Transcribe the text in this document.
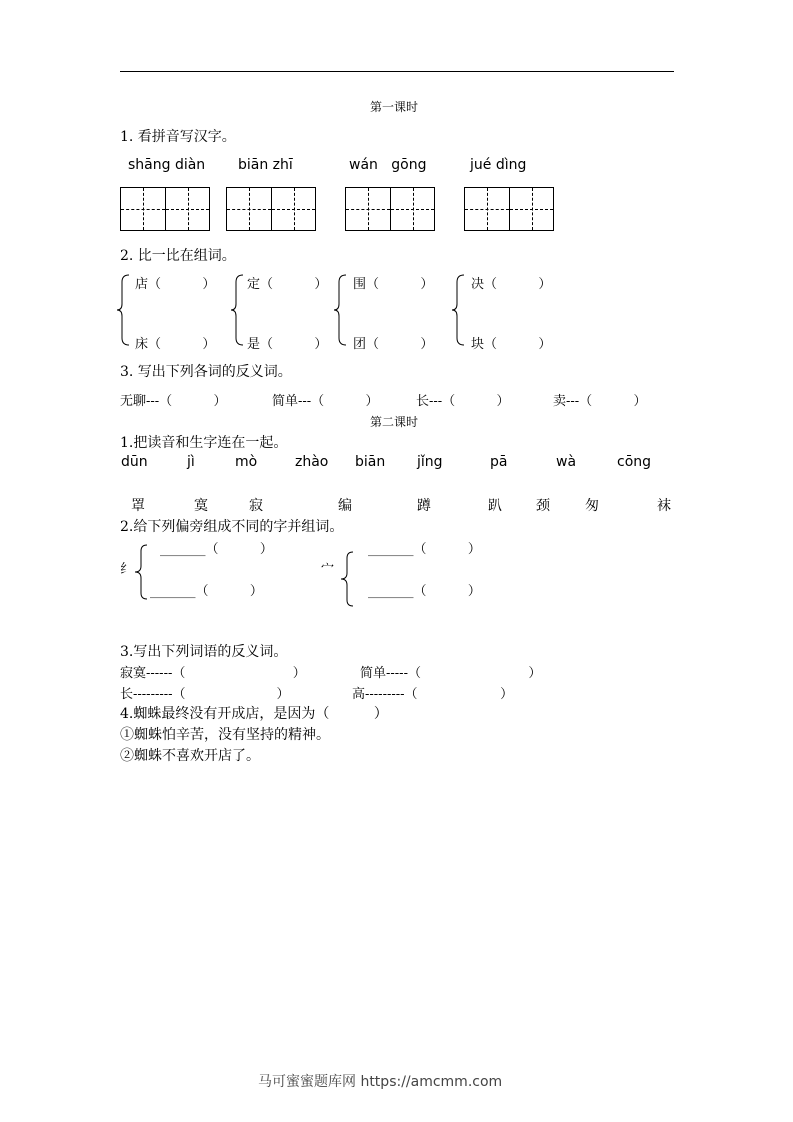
第一课时
1. 看拼音写汉字。
shāng diàn biān zhī	wán   gōng	jué dìng
2. 比一比在组词。
店（          ） 定（          ） 围（          ）	决（          ）
床（          ） 是（          ） 团（          ）	块（          ）
3. 写出下列各词的反义词。
无聊---（          ）	简单---（          ）	长---（          ）	卖---（          ）
第二课时
1.把读音和生字连在一起。
dūn	jì	mò	zhào biān jǐng	pā	wà	cōng
罩	寞	寂	编	蹲	趴 颈	匆	袜
2.给下列偏旁组成不同的字并组词。
纟
_______（          ）
_______（          ）
宀
_______（          ）
_______（          ）
3.写出下列词语的反义词。
寂寞------（                          ）	简单-----（                          ）
长---------（                      ）	高---------（                    ）
4.蜘蛛最终没有开成店，是因为（          ）
①蜘蛛怕辛苦，没有坚持的精神。
②蜘蛛不喜欢开店了。
马可蜜蜜题库网 https://amcmm.com
